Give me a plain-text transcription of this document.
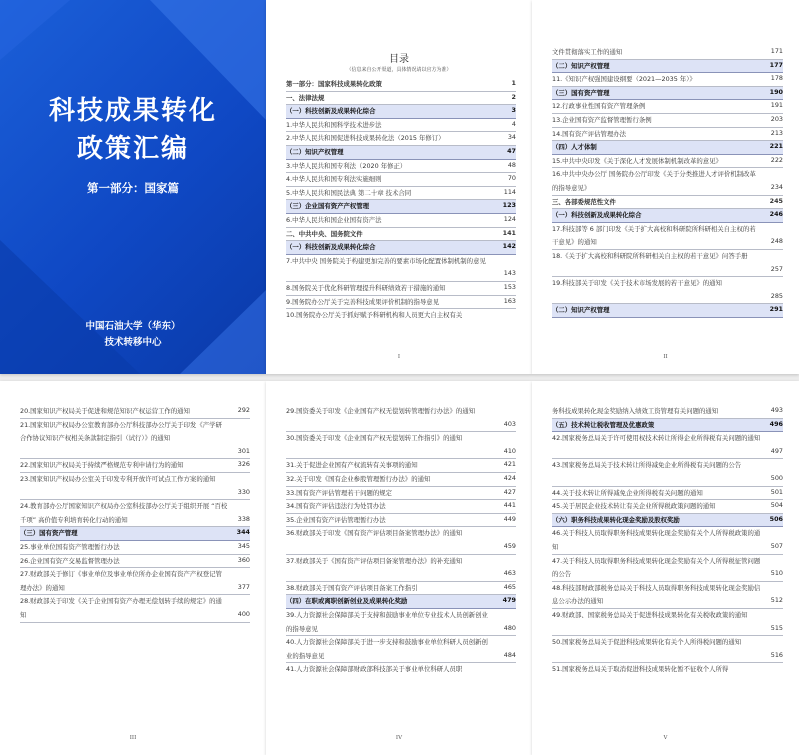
科技成果转化
政策汇编
第一部分：国家篇
中国石油大学（华东）
技术转移中心
目录
（信息来自公开渠道，具体情况请以官方为准）
第一部分：国家科技成果转化政策	1
一、法律法规	2
（一）科技创新及成果转化综合	3
1.中华人民共和国科学技术进步法	4
2.中华人民共和国促进科技成果转化法（2015 年修订）	34
（二）知识产权管理	47
3.中华人民共和国专利法（2020 年修正）	48
4.中华人民共和国专利法实施细则	70
5.中华人民共和国民法典 第二十章 技术合同	114
（三）企业国有资产产权管理	123
6.中华人民共和国企业国有资产法	124
二、中共中央、国务院文件	141
（一）科技创新及成果转化综合	142
7.中共中央 国务院关于构建更加完善的要素市场化配置体制机制的意见
143
8.国务院关于优化科研管理提升科研绩效若干措施的通知	153
9.国务院办公厅关于完善科技成果评价机制的指导意见	163
10.国务院办公厅关于抓好赋予科研机构和人员更大自主权有关
I
文件贯彻落实工作的通知	171
（二）知识产权管理	177
11.《知识产权强国建设纲要（2021—2035 年）》	178
（三）国有资产管理	190
12.行政事业性国有资产管理条例	191
13.企业国有资产监督管理暂行条例	203
14.国有资产评估管理办法	213
（四）人才体制	221
15.中共中央印发《关于深化人才发展体制机制改革的意见》	222
16.中共中央办公厅 国务院办公厅印发《关于分类推进人才评价机制改革的指导意见》	234
三、各部委规范性文件	245
（一）科技创新及成果转化综合	246
17.科技部等 6 部门印发《关于扩大高校和科研院所科研相关自主权的若干意见》的通知	248
18.《关于扩大高校和科研院所科研相关自主权的若干意见》问答手册
257
19.科技部关于印发《关于技术市场发展的若干意见》的通知
285
（二）知识产权管理	291
II
20.国家知识产权局关于促进和规范知识产权运营工作的通知	292
21.国家知识产权局办公室教育部办公厅科技部办公厅关于印发《产学研合作协议知识产权相关条款制定指引（试行）》的通知
301
22.国家知识产权局关于持续严格规范专利申请行为的通知	326
23.国家知识产权局办公室关于印发专利开放许可试点工作方案的通知
330
24.教育部办公厅国家知识产权局办公室科技部办公厅关于组织开展 “百校千项” 高价值专利培育转化行动的通知	338
（三）国有资产管理	344
25.事业单位国有资产管理暂行办法	345
26.企业国有资产交易监督管理办法	360
27.财政部关于修订《事业单位及事业单位所办企业国有资产产权登记管理办法》的通知	377
28.财政部关于印发《关于企业国有资产办理无偿划转手续的规定》的通知	400
III
29.国资委关于印发《企业国有产权无偿划转管理暂行办法》的通知
403
30.国资委关于印发《企业国有产权无偿划转工作指引》的通知
410
31.关于促进企业国有产权流转有关事项的通知	421
32.关于印发《国有企业参股管理暂行办法》的通知	424
33.国有资产评估管理若干问题的规定	427
34.国有资产评估违法行为处罚办法	441
35.企业国有资产评估管理暂行办法	449
36.财政部关于印发《国有资产评估项目备案管理办法》的通知
459
37.财政部关于《国有资产评估项目备案管理办法》的补充通知
463
38.财政部关于国有资产评估项目备案工作指引	465
（四）在职或离职创新创业及成果转化奖励	479
39.人力资源社会保障部关于支持和鼓励事业单位专业技术人员创新创业的指导意见	480
40.人力资源社会保障部关于进一步支持和鼓励事业单位科研人员创新创业的指导意见	484
41.人力资源社会保障部财政部科技部关于事业单位科研人员职
IV
务科技成果转化现金奖励纳入绩效工资管理有关问题的通知	493
（五）技术转让税收管理及优惠政策	496
42.国家税务总局关于许可使用权技术转让所得企业所得税有关问题的通知
497
43.国家税务总局关于技术转让所得减免企业所得税有关问题的公告
500
44.关于技术转让所得减免企业所得税有关问题的通知	501
45.关于居民企业技术转让有关企业所得税政策问题的通知	504
（六）职务科技成果转化现金奖励及股权奖励	506
46.关于科技人员取得职务科技成果转化现金奖励有关个人所得税政策的通知	507
47.关于科技人员取得职务科技成果转化现金奖励有关个人所得税征管问题的公告	510
48.科技部财政部税务总局关于科技人员取得职务科技成果转化现金奖励信息公示办法的通知	512
49.财政部、国家税务总局关于促进科技成果转化有关税收政策的通知
515
50.国家税务总局关于促进科技成果转化有关个人所得税问题的通知
516
51.国家税务总局关于取消促进科技成果转化暂不征收个人所得
V
